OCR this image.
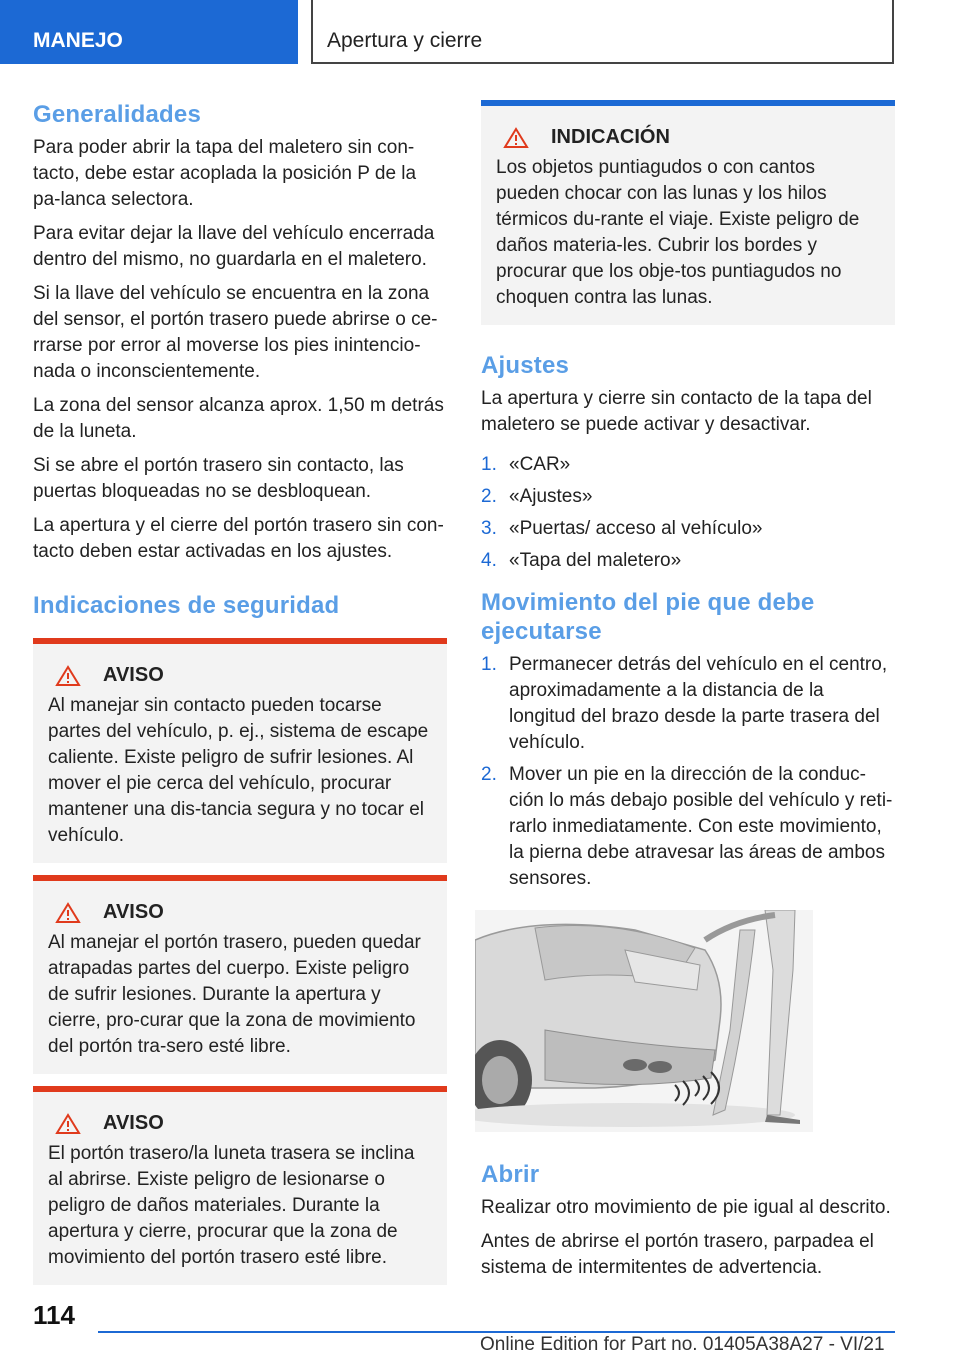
MANEJO	Apertura y cierre
Generalidades

Para poder abrir la tapa del maletero sin con-tacto, debe estar acoplada la posición P de la pa-lanca selectora.

Para evitar dejar la llave del vehículo encerrada dentro del mismo, no guardarla en el maletero.

Si la llave del vehículo se encuentra en la zona del sensor, el portón trasero puede abrirse o ce-rrarse por error al moverse los pies inintencio-nada o inconscientemente.

La zona del sensor alcanza aprox. 1,50 m detrás de la luneta.

Si se abre el portón trasero sin contacto, las puertas bloqueadas no se desbloquean.

La apertura y el cierre del portón trasero sin con-tacto deben estar activadas en los ajustes.

Indicaciones de seguridad
AVISO

Al manejar sin contacto pueden tocarse partes del vehículo, p. ej., sistema de escape caliente. Existe peligro de sufrir lesiones. Al mover el pie cerca del vehículo, procurar mantener una dis-tancia segura y no tocar el vehículo.

AVISO

Al manejar el portón trasero, pueden quedar atrapadas partes del cuerpo. Existe peligro de sufrir lesiones. Durante la apertura y cierre, pro-curar que la zona de movimiento del portón tra-sero esté libre.

AVISO

El portón trasero/la luneta trasera se inclina al abrirse. Existe peligro de lesionarse o peligro de daños materiales. Durante la apertura y cierre, procurar que la zona de movimiento del portón trasero esté libre.

INDICACIÓN

Los objetos puntiagudos o con cantos pueden chocar con las lunas y los hilos térmicos du-rante el viaje. Existe peligro de daños materia-les. Cubrir los bordes y procurar que los obje-tos puntiagudos no choquen contra las lunas.

Ajustes

La apertura y cierre sin contacto de la tapa del maletero se puede activar y desactivar.

1. «CAR»
2. «Ajustes»
3. «Puertas/ acceso al vehículo»
4. «Tapa del maletero»
Movimiento del pie que debe ejecutarse
1. Permanecer detrás del vehículo en el centro, aproximadamente a la distancia de la longitud del brazo desde la parte trasera del vehículo.
2. Mover un pie en la dirección de la conduc-ción lo más debajo posible del vehículo y reti-rarlo inmediatamente. Con este movimiento, la pierna debe atravesar las áreas de ambos sensores.
Abrir

Realizar otro movimiento de pie igual al descrito.

Antes de abrirse el portón trasero, parpadea el sistema de intermitentes de advertencia.

114
Online Edition for Part no. 01405A38A27 - VI/21
